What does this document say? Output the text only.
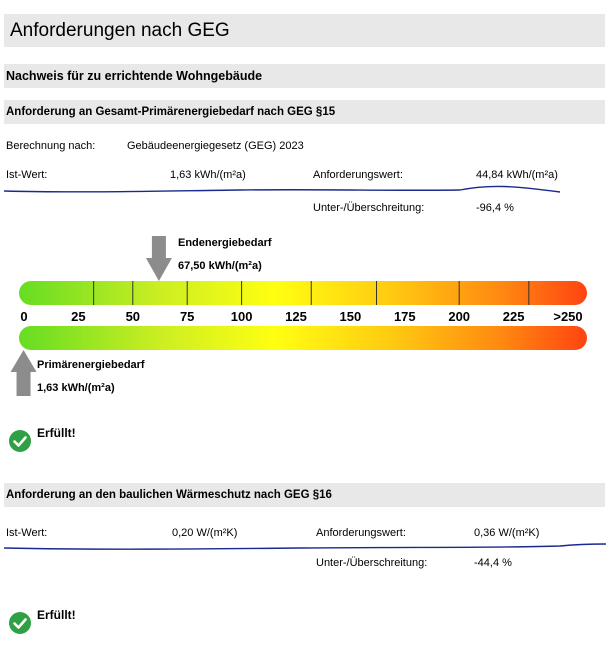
Anforderungen nach GEG
Nachweis für zu errichtende Wohngebäude
Anforderung an Gesamt-Primärenergiebedarf nach GEG §15
Berechnung nach:	Gebäudeenergiegesetz (GEG) 2023
Ist-Wert:	1,63 kWh/(m²a)	Anforderungswert:	44,84 kWh/(m²a)
Unter-/Überschreitung:	-96,4 %
0	25	50	75	100	125	150	175	200	225 >250
Endenergiebedarf
67,50 kWh/(m²a)
Primärenergiebedarf
1,63 kWh/(m²a)
Erfüllt!
Anforderung an den baulichen Wärmeschutz nach GEG §16
Ist-Wert:	0,20 W/(m²K)	Anforderungswert:	0,36 W/(m²K)
Unter-/Überschreitung:	-44,4 %
Erfüllt!
